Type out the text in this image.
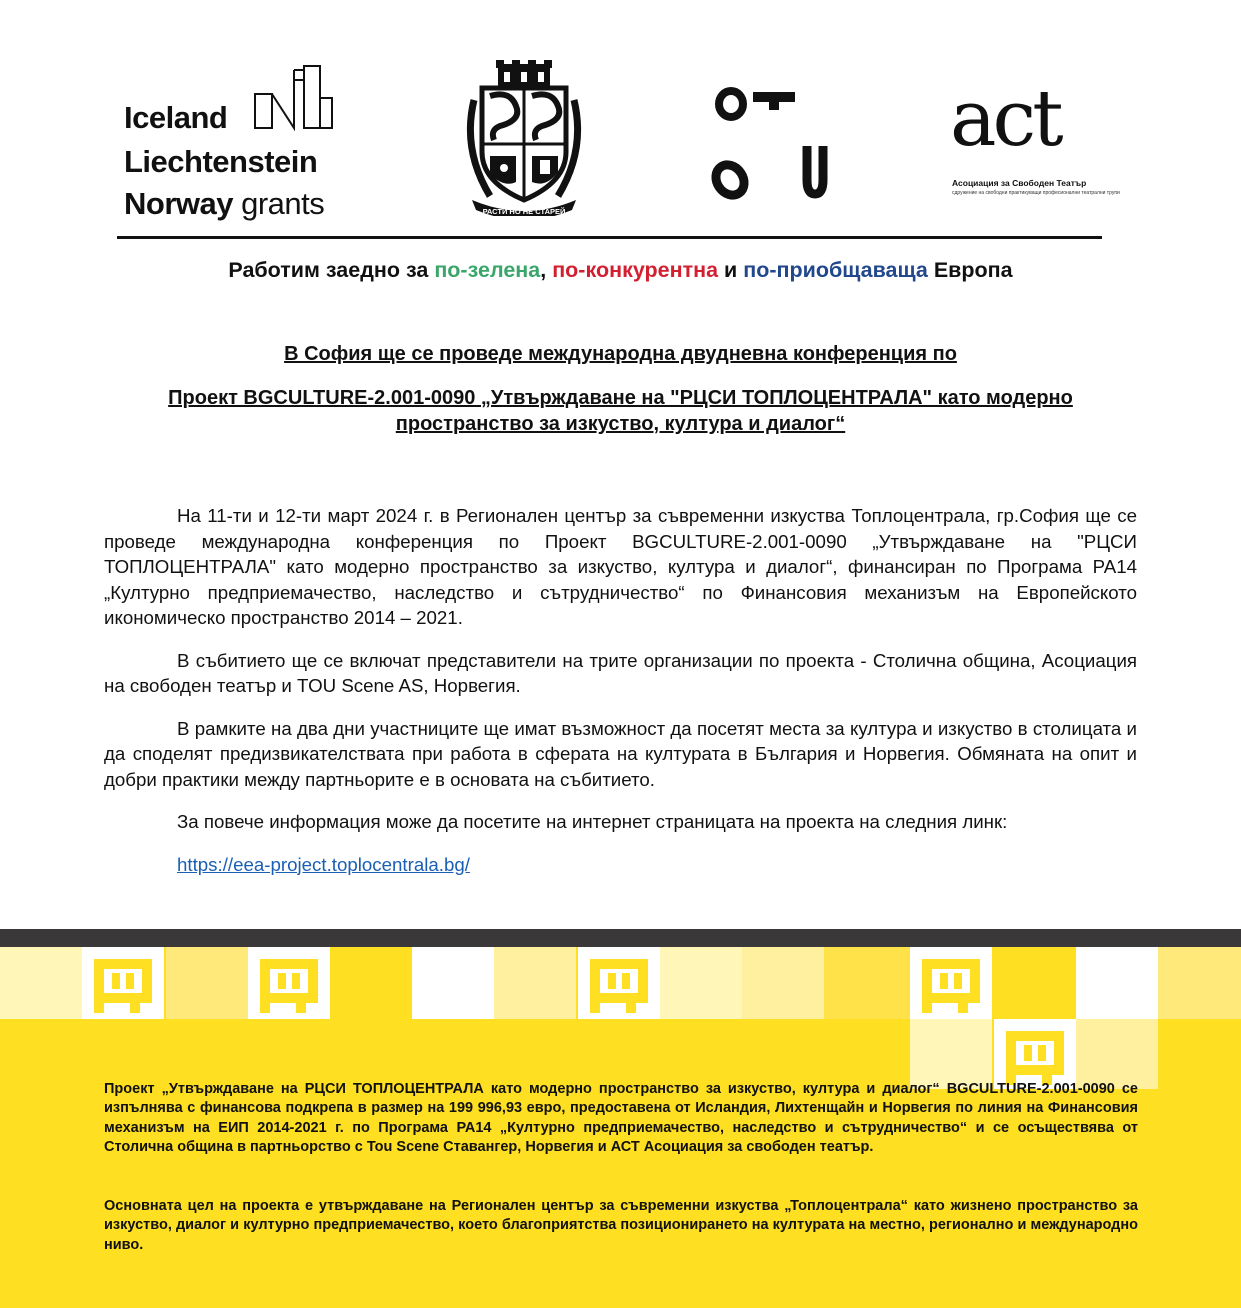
Iceland
Liechtenstein
Norway grants	РАСТИ НО НЕ СТАРЕЙ
act
Асоциация за Свободен Театър
сдружение на свободни практикуващи професионални театрални трупи
Работим заедно за по-зелена, по-конкурентна и по-приобщаваща Европа
В София ще се проведе международна двудневна конференция по
Проект BGCULTURE-2.001-0090 „Утвърждаване на "РЦСИ ТОПЛОЦЕНТРАЛА" като модерно пространство за изкуство, култура и диалог“

На 11-ти и 12-ти март 2024 г. в Регионален център за съвременни изкуства Топлоцентрала, гр.София ще се проведе международна конференция по Проект BGCULTURE-2.001-0090 „Утвърждаване на "РЦСИ ТОПЛОЦЕНТРАЛА" като модерно пространство за изкуство, култура и диалог“, финансиран по Програма PA14 „Културно предприемачество, наследство и сътрудничество“ по Финансовия механизъм на Европейското икономическо пространство 2014 – 2021.

В събитието ще се включат представители на трите организации по проекта - Столична община, Асоциация на свободен театър и TOU Scene AS, Норвегия.

В рамките на два дни участниците ще имат възможност да посетят места за култура и изкуство в столицата и да споделят предизвикателствата при работа в сферата на културата в България и Норвегия. Обмяната на опит и добри практики между партньорите е в основата на събитието.

За повече информация може да посетите на интернет страницата на проекта на следния линк:

https://eea-project.toplocentrala.bg/

Проект „Утвърждаване на РЦСИ ТОПЛОЦЕНТРАЛА като модерно пространство за изкуство, култура и диалог“ BGCULTURE-2.001-0090 се изпълнява с финансова подкрепа в размер на 199 996,93 евро, предоставена от Исландия, Лихтенщайн и Норвегия по линия на Финансовия механизъм на ЕИП 2014-2021 г. по Програма РА14 „Културно предприемачество, наследство и сътрудничество“ и се осъществява от Столична община в партньорство с Tou Scene Ставангер, Норвегия и АСТ Асоциация за свободен театър.
Основната цел на проекта е утвърждаване на Регионален център за съвременни изкуства „Топлоцентрала“ като жизнено пространство за изкуство, диалог и културно предприемачество, което благоприятства позиционирането на културата на местно, регионално и международно ниво.
